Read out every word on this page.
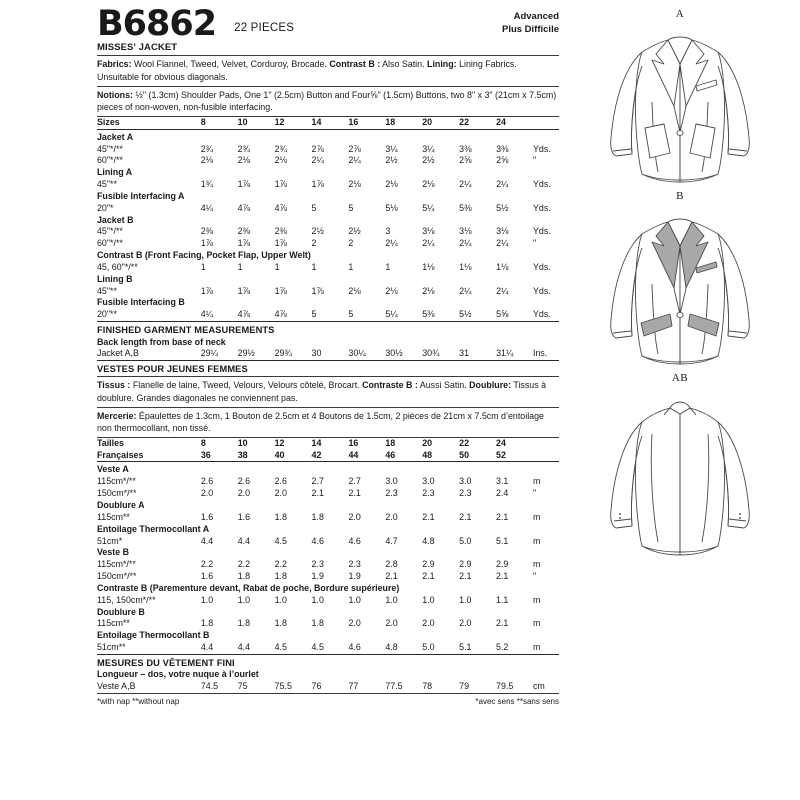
B6862	22 PIECES
Advanced
Plus Difficile
MISSES' JACKET
Fabrics: Wool Flannel, Tweed, Velvet, Corduroy, Brocade. Contrast B : Also Satin. Lining: Lining Fabrics. Unsuitable for obvious diagonals.
Notions: ½" (1.3cm) Shoulder Pads, One 1" (2.5cm) Button and Four⅝" (1.5cm) Buttons, two 8" x 3" (21cm x 7.5cm) pieces of non-woven, non-fusible interfacing.
Sizes	8	10	12	14	16	18	20	22	24	

Jacket A										
45"*/**	2¾	2¾	2¾	2⅞	2⅞	3¼	3¼	3⅜	3⅜	Yds.
60"*/**	2⅛	2⅛	2⅛	2¼	2¼	2½	2½	2⅝	2⅝	"
Lining A										
45"**	1¾	1⅞	1⅞	1⅞	2⅛	2⅛	2⅛	2¼	2¼	Yds.
Fusible Interfacing A										
20"*	4¼	4⅞	4⅞	5	5	5⅛	5¼	5⅜	5½	Yds.
Jacket B										
45"*/**	2⅜	2⅜	2⅜	2½	2½	3	3⅛	3⅛	3⅛	Yds.
60"*/**	1⅞	1⅞	1⅞	2	2	2¼	2¼	2¼	2¼	"
Contrast B (Front Facing, Pocket Flap, Upper Welt)										
45, 60"*/**	1	1	1	1	1	1	1⅛	1⅛	1⅛	Yds.
Lining B										
45"**	1⅞	1⅞	1⅞	1⅞	2⅛	2⅛	2⅛	2¼	2¼	Yds.
Fusible Interfacing B										
20"**	4¼	4⅞	4⅞	5	5	5¼	5⅜	5½	5⅝	Yds.

FINISHED GARMENT MEASUREMENTS										
Back length from base of neck										
Jacket A,B	29¼	29½	29¾	30	30¼	30½	30¾	31	31¼	Ins.

VESTES POUR JEUNES FEMMES
Tissus : Flanelle de laine, Tweed, Velours, Velours côtelé, Brocart. Contraste B : Aussi Satin. Doublure: Tissus à doublure. Grandes diagonales ne conviennent pas.
Mercerie: Épaulettes de 1.3cm, 1 Bouton de 2.5cm et 4 Boutons de 1.5cm, 2 pièces de 21cm x 7.5cm d’entoilage non thermocollant, non tissé.
Tailles	8	10	12	14	16	18	20	22	24	
Françaises	36	38	40	42	44	46	48	50	52	

Veste A										
115cm*/**	2.6	2.6	2.6	2.7	2.7	3.0	3.0	3.0	3.1	m
150cm*/**	2.0	2.0	2.0	2.1	2.1	2.3	2.3	2.3	2.4	"
Doublure A										
115cm**	1.6	1.6	1.8	1.8	2.0	2.0	2.1	2.1	2.1	m
Entoilage Thermocollant A										
51cm*	4.4	4.4	4.5	4.6	4.6	4.7	4.8	5.0	5.1	m
Veste B										
115cm*/**	2.2	2.2	2.2	2.3	2.3	2.8	2.9	2.9	2.9	m
150cm*/**	1.6	1.8	1.8	1.9	1.9	2.1	2.1	2.1	2.1	"
Contraste B (Parementure devant, Rabat de poche, Bordure supérieure)										
115, 150cm*/**	1.0	1.0	1.0	1.0	1.0	1.0	1.0	1.0	1.1	m
Doublure B										
115cm**	1.8	1.8	1.8	1.8	2.0	2.0	2.0	2.0	2.1	m
Entoilage Thermocollant B										
51cm**	4.4	4.4	4.5	4.5	4.6	4.8	5.0	5.1	5.2	m

MESURES DU VÊTEMENT FINI										
Longueur – dos, votre nuque à l’ourlet										
Veste A,B	74.5	75	75.5	76	77	77.5	78	79	79.5	cm
*with nap **without nap	*avec sens **sans sens
A
B
AB
